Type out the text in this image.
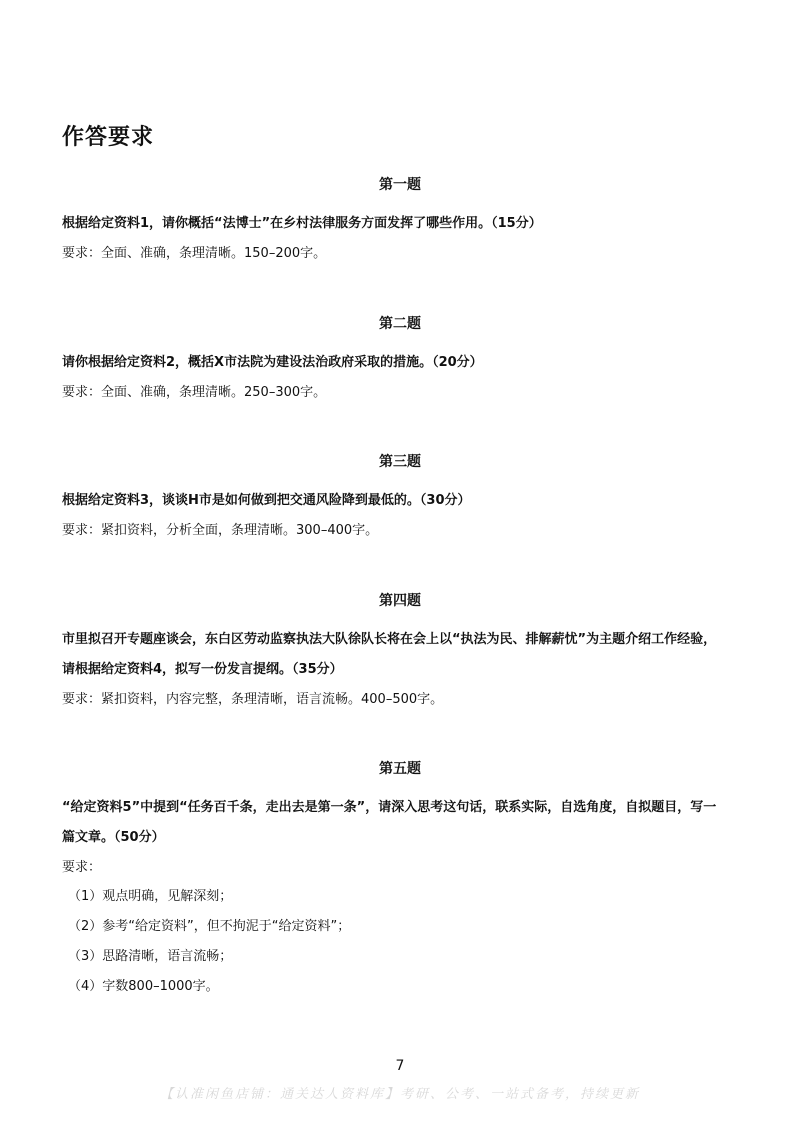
作答要求
第一题
根据给定资料1，请你概括“法博士”在乡村法律服务方面发挥了哪些作用。（15分）
要求：全面、准确，条理清晰。150–200字。
第二题
请你根据给定资料2，概括X市法院为建设法治政府采取的措施。（20分）
要求：全面、准确，条理清晰。250–300字。
第三题
根据给定资料3，谈谈H市是如何做到把交通风险降到最低的。（30分）
要求：紧扣资料，分析全面，条理清晰。300–400字。
第四题
市里拟召开专题座谈会，东白区劳动监察执法大队徐队长将在会上以“执法为民、排解薪忧”为主题介绍工作经验，
请根据给定资料4，拟写一份发言提纲。（35分）
要求：紧扣资料，内容完整，条理清晰，语言流畅。400–500字。
第五题
“给定资料5”中提到“任务百千条，走出去是第一条”，请深入思考这句话，联系实际，自选角度，自拟题目，写一
篇文章。（50分）
要求：
（1）观点明确，见解深刻；
（2）参考“给定资料”，但不拘泥于“给定资料”；
（3）思路清晰，语言流畅；
（4）字数800–1000字。
7
【认准闲鱼店铺：通关达人资料库】考研、公考、一站式备考，持续更新
